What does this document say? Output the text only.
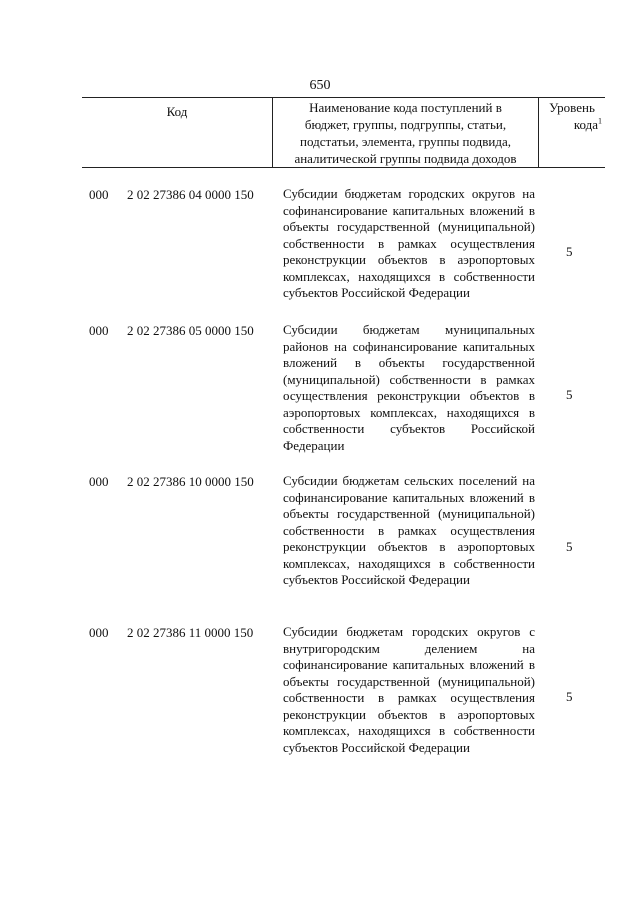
650
Код	Наименование кода поступлений в
бюджет, группы, подгруппы, статьи,
подстатьи, элемента, группы подвида,
аналитической группы подвида доходов
Уровень
кода$^1$
000 2 02 27386 04 0000 150 Субсидии бюджетам городских округов на софинансирование капитальных вложений в объекты государственной (муниципальной) собственности в рамках осуществления реконструкции объектов в аэропортовых комплексах, находящихся в собственности субъектов Российской Федерации
5
000 2 02 27386 05 0000 150 Субсидии бюджетам муниципальных районов на софинансирование капитальных вложений в объекты государственной (муниципальной) собственности в рамках осуществления реконструкции объектов в аэропортовых комплексах, находящихся в собственности субъектов Российской Федерации
5
000 2 02 27386 10 0000 150 Субсидии бюджетам сельских поселений на софинансирование капитальных вложений в объекты государственной (муниципальной) собственности в рамках осуществления реконструкции объектов в аэропортовых комплексах, находящихся в собственности субъектов Российской Федерации
5
000 2 02 27386 11 0000 150 Субсидии бюджетам городских округов с внутригородским делением на софинансирование капитальных вложений в объекты государственной (муниципальной) собственности в рамках осуществления реконструкции объектов в аэропортовых комплексах, находящихся в собственности субъектов Российской Федерации
5
